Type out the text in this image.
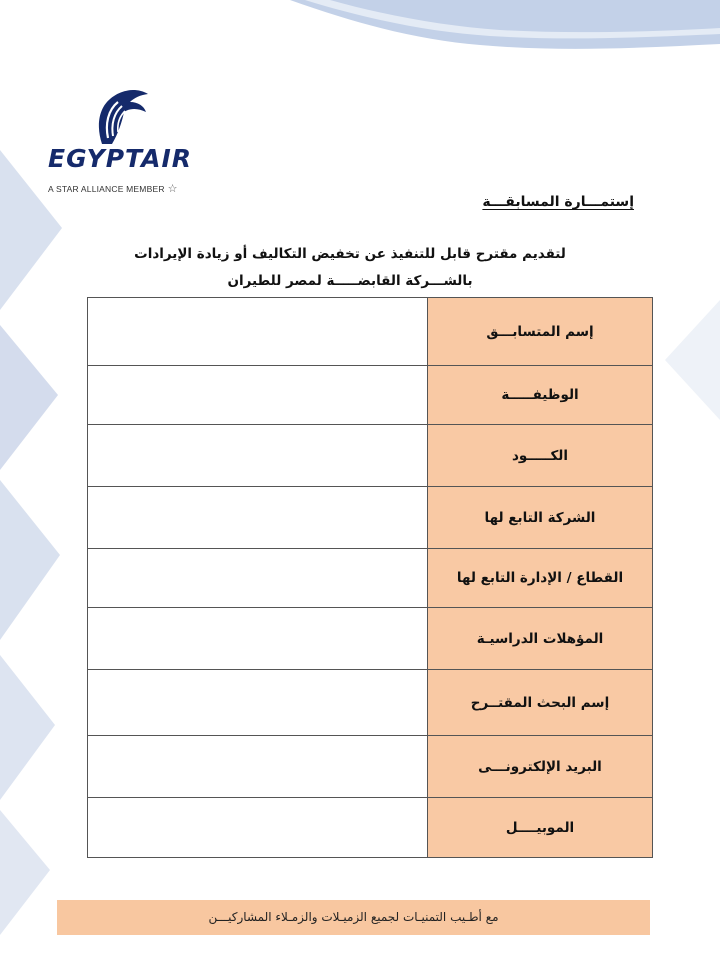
EGYPTAIR
A STAR ALLIANCE MEMBER ☆
إستمـــارة المسابقـــة
لتقديم مقترح قابل للتنفيذ عن تخفيض التكاليف أو زيادة الإيرادات
بالشـــركة القابضـــــة لمصر للطيران
	إسم المتسابـــق
	الوظيفـــــة
	الكـــــود
	الشركة التابع لها
	القطاع / الإدارة التابع لها
	المؤهلات الدراسيـة
	إسم البحث المقتــرح
	البريد الإلكترونـــى
	الموبيــــل
مع أطـيب التمنيـات لجميع الزميـلات والزمـلاء المشاركيـــن
